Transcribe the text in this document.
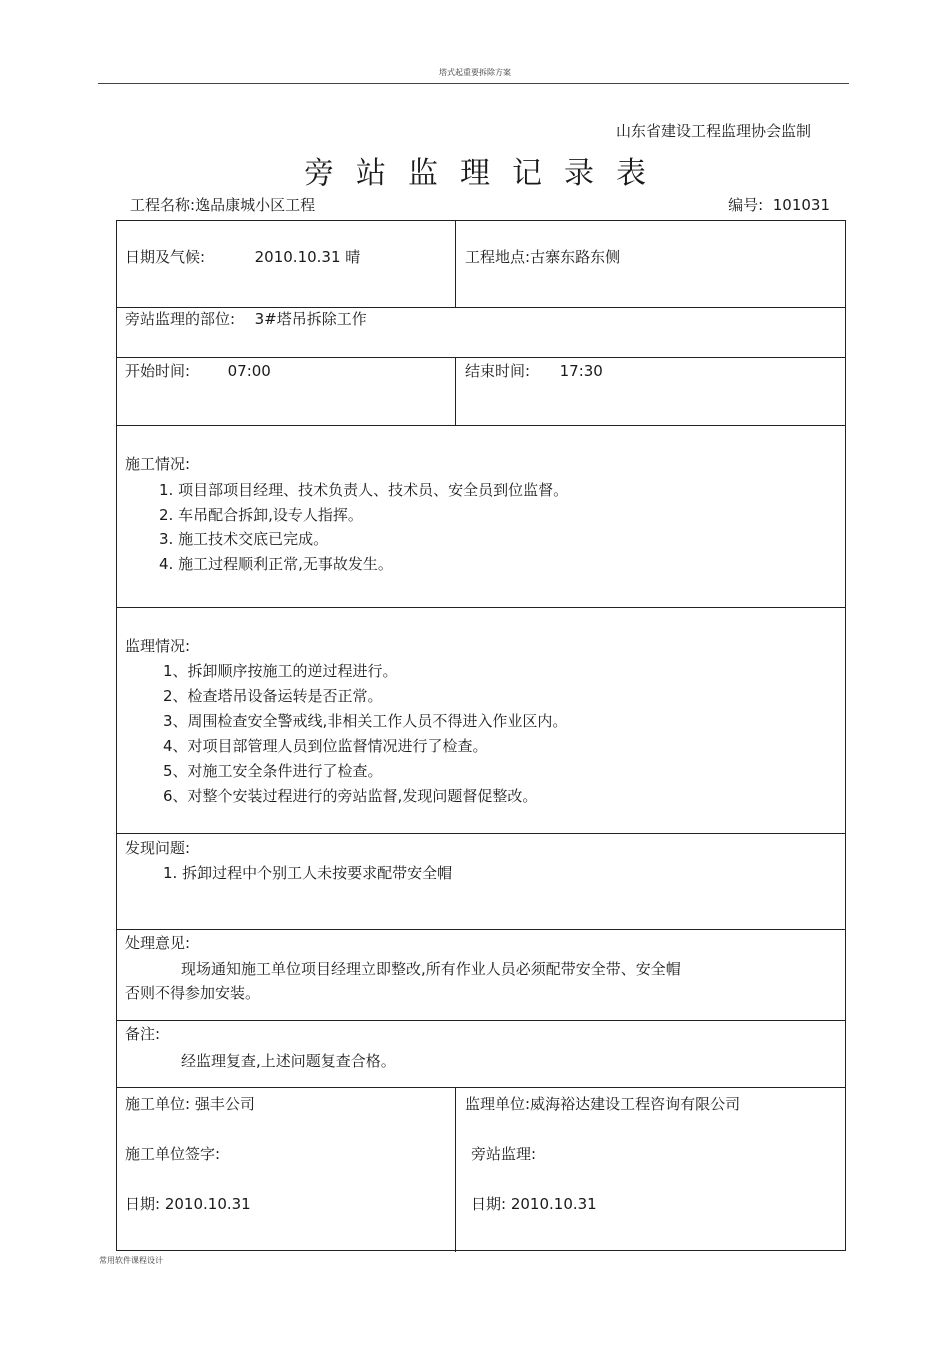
塔式起重要拆除方案
山东省建设工程监理协会监制
旁站监理记录表
工程名称:逸品康城小区工程	编号: 101031
日期及气候:	2010.10.31 晴	工程地点:古寨东路东侧
旁站监理的部位: 3#塔吊拆除工作
开始时间:	07:00	结束时间: 17:30
施工情况:
1. 项目部项目经理、技术负责人、技术员、安全员到位监督。
2. 车吊配合拆卸,设专人指挥。
3. 施工技术交底已完成。
4. 施工过程顺利正常,无事故发生。
监理情况:
1、拆卸顺序按施工的逆过程进行。
2、检查塔吊设备运转是否正常。
3、周围检查安全警戒线,非相关工作人员不得进入作业区内。
4、对项目部管理人员到位监督情况进行了检查。
5、对施工安全条件进行了检查。
6、对整个安装过程进行的旁站监督,发现问题督促整改。
发现问题:
1. 拆卸过程中个别工人未按要求配带安全帽
处理意见:
现场通知施工单位项目经理立即整改,所有作业人员必须配带安全带、安全帽
否则不得参加安装。
备注:
经监理复查,上述问题复查合格。
施工单位: 强丰公司
施工单位签字:
日期: 2010.10.31
监理单位:威海裕达建设工程咨询有限公司
旁站监理:
日期: 2010.10.31
常用软件课程设计
